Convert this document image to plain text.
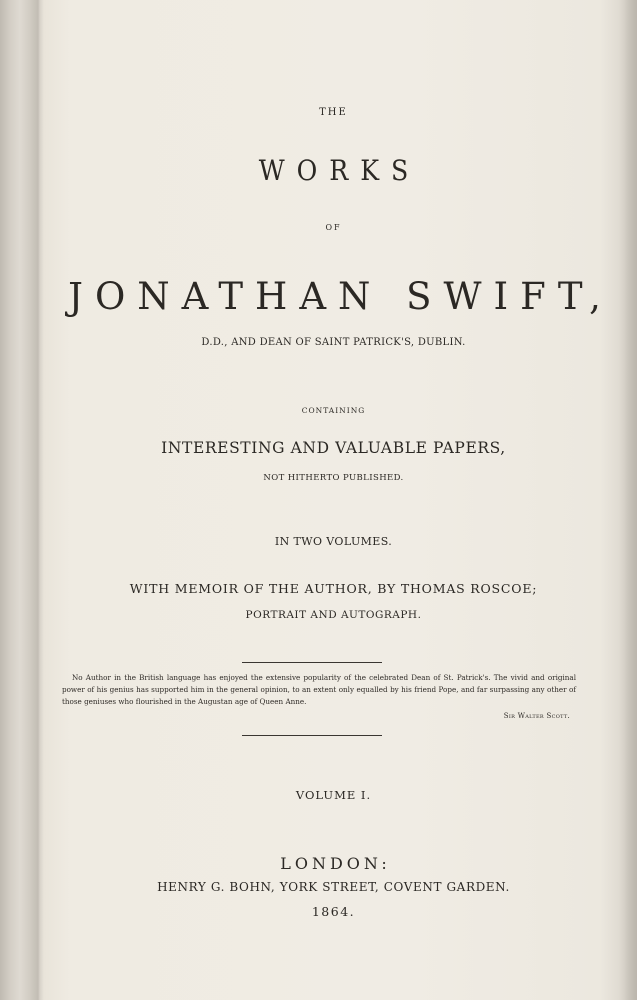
THE
WORKS
OF
JONATHAN SWIFT,
D.D., AND DEAN OF SAINT PATRICK'S, DUBLIN.
CONTAINING
INTERESTING AND VALUABLE PAPERS,
NOT HITHERTO PUBLISHED.
IN TWO VOLUMES.
WITH MEMOIR OF THE AUTHOR, BY THOMAS ROSCOE;
PORTRAIT AND AUTOGRAPH.
No Author in the British language has enjoyed the extensive popularity of the celebrated Dean of St. Patrick's. The vivid and original power of his genius has supported him in the general opinion, to an extent only equalled by his friend Pope, and far surpassing any other of those geniuses who flourished in the Augustan age of Queen Anne.
Sir Walter Scott.
VOLUME I.
LONDON:
HENRY G. BOHN, YORK STREET, COVENT GARDEN.
1864.
